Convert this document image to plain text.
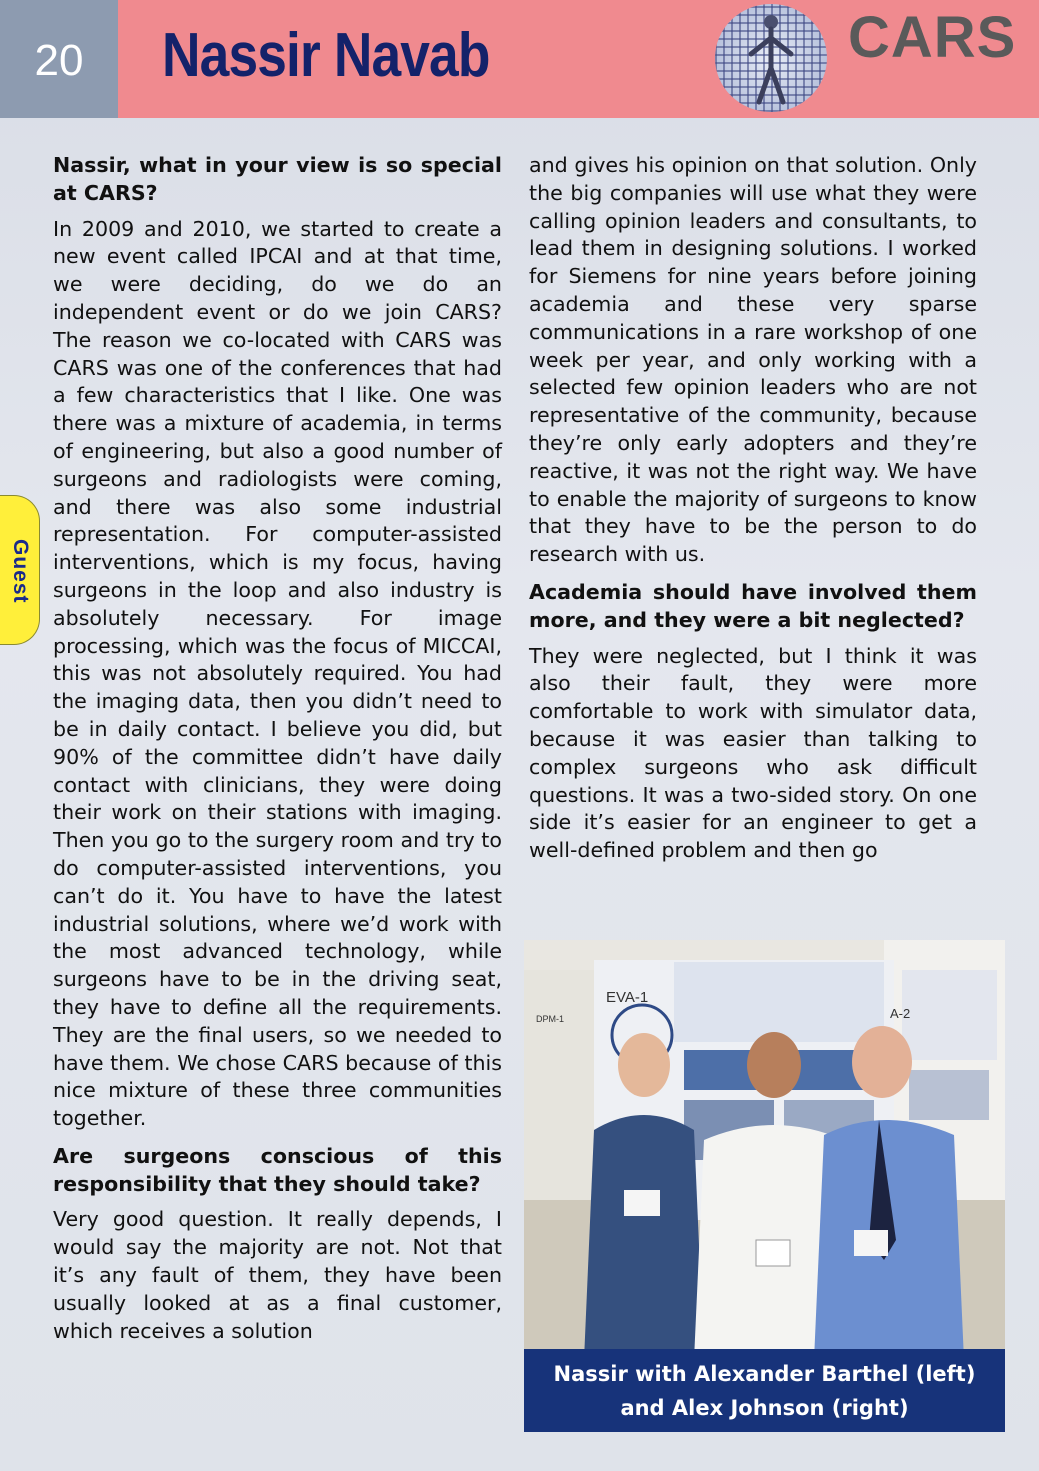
20	Nassir Navab	CARS
Guest

Nassir, what in your view is so special at CARS?

In 2009 and 2010, we started to create a new event called IPCAI and at that time, we were deciding, do we do an independent event or do we join CARS? The reason we co-located with CARS was CARS was one of the conferences that had a few characteristics that I like. One was there was a mixture of academia, in terms of engineering, but also a good number of surgeons and radiologists were coming, and there was also some industrial representation. For computer-assisted interventions, which is my focus, having surgeons in the loop and also industry is absolutely necessary. For image processing, which was the focus of MICCAI, this was not absolutely required. You had the imaging data, then you didn’t need to be in daily contact. I believe you did, but 90% of the committee didn’t have daily contact with clinicians, they were doing their work on their stations with imaging. Then you go to the surgery room and try to do computer-assisted interventions, you can’t do it. You have to have the latest industrial solutions, where we’d work with the most advanced technology, while surgeons have to be in the driving seat, they have to define all the requirements. They are the final users, so we needed to have them. We chose CARS because of this nice mixture of these three communities together.

Are surgeons conscious of this responsibility that they should take?

Very good question. It really depends, I would say the majority are not. Not that it’s any fault of them, they have been usually looked at as a final customer, which receives a solution

and gives his opinion on that solution. Only the big companies will use what they were calling opinion leaders and consultants, to lead them in designing solutions. I worked for Siemens for nine years before joining academia and these very sparse communications in a rare workshop of one week per year, and only working with a selected few opinion leaders who are not representative of the community, because they’re only early adopters and they’re reactive, it was not the right way. We have to enable the majority of surgeons to know that they have to be the person to do research with us.

Academia should have involved them more, and they were a bit neglected?

They were neglected, but I think it was also their fault, they were more comfortable to work with simulator data, because it was easier than talking to complex surgeons who ask difficult questions. It was a two-sided story. On one side it’s easier for an engineer to get a well-defined problem and then go

EVA-1
DPM-1	A-2
Nassir with Alexander Barthel (left)
and Alex Johnson (right)
